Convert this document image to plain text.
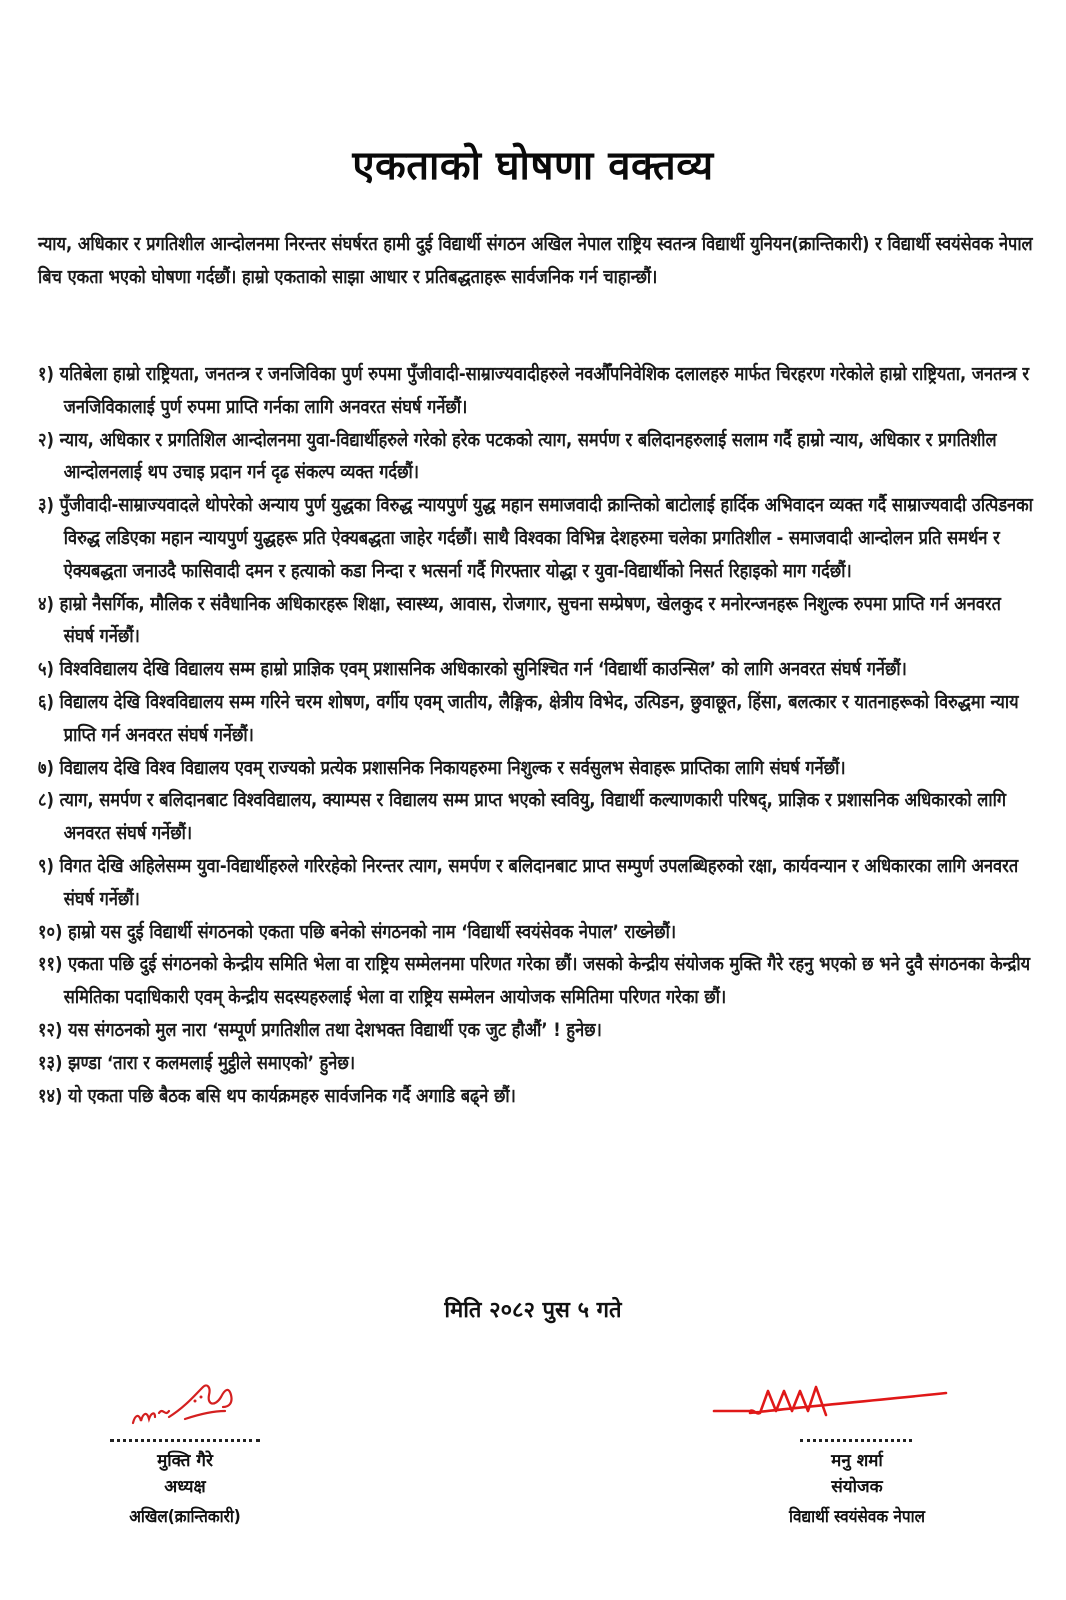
एकताको घोषणा वक्तव्य
न्याय, अधिकार र प्रगतिशील आन्दोलनमा निरन्तर संघर्षरत हामी दुई विद्यार्थी संगठन अखिल नेपाल राष्ट्रिय स्वतन्त्र विद्यार्थी युनियन(क्रान्तिकारी) र विद्यार्थी स्वयंसेवक नेपाल बिच एकता भएको घोषणा गर्दछौं। हाम्रो एकताको साझा आधार र प्रतिबद्धताहरू सार्वजनिक गर्न चाहान्छौं।

१) यतिबेला हाम्रो राष्ट्रियता, जनतन्त्र र जनजिविका पुर्ण रुपमा पुँजीवादी-साम्राज्यवादीहरुले नवऔँपनिवेशिक दलालहरु मार्फत चिरहरण गरेकोले हाम्रो राष्ट्रियता, जनतन्त्र र जनजिविकालाई पुर्ण रुपमा प्राप्ति गर्नका लागि अनवरत संघर्ष गर्नेछौं।

२) न्याय, अधिकार र प्रगतिशिल आन्दोलनमा युवा-विद्यार्थीहरुले गरेको हरेक पटकको त्याग, समर्पण र बलिदानहरुलाई सलाम गर्दै हाम्रो न्याय, अधिकार र प्रगतिशील आन्दोलनलाई थप उचाइ प्रदान गर्न दृढ संकल्प व्यक्त गर्दछौं।

३) पुँजीवादी-साम्राज्यवादले थोपरेको अन्याय पुर्ण युद्धका विरुद्ध न्यायपुर्ण युद्ध महान समाजवादी क्रान्तिको बाटोलाई हार्दिक अभिवादन व्यक्त गर्दै साम्राज्यवादी उत्पिडनका विरुद्ध लडिएका महान न्यायपुर्ण युद्धहरू प्रति ऐक्यबद्धता जाहेर गर्दछौं। साथै विश्वका विभिन्न देशहरुमा चलेका प्रगतिशील - समाजवादी आन्दोलन प्रति समर्थन र ऐक्यबद्धता जनाउदै फासिवादी दमन र हत्याको कडा निन्दा र भत्सर्ना गर्दै गिरफ्तार योद्धा र युवा-विद्यार्थीको निसर्त रिहाइको माग गर्दछौं।

४) हाम्रो नैसर्गिक, मौलिक र संवैधानिक अधिकारहरू शिक्षा, स्वास्थ्य, आवास, रोजगार, सुचना सम्प्रेषण, खेलकुद र मनोरन्जनहरू निशुल्क रुपमा प्राप्ति गर्न अनवरत संघर्ष गर्नेछौं।

५) विश्वविद्यालय देखि विद्यालय सम्म हाम्रो प्राज्ञिक एवम् प्रशासनिक अधिकारको सुनिश्चित गर्न ‘विद्यार्थी काउन्सिल’ को लागि अनवरत संघर्ष गर्नेछौं।

६) विद्यालय देखि विश्वविद्यालय सम्म गरिने चरम शोषण, वर्गीय एवम् जातीय, लैङ्गिक, क्षेत्रीय विभेद, उत्पिडन, छुवाछूत, हिंसा, बलत्कार र यातनाहरूको विरुद्धमा न्याय प्राप्ति गर्न अनवरत संघर्ष गर्नेछौं।

७) विद्यालय देखि विश्व विद्यालय एवम् राज्यको प्रत्येक प्रशासनिक निकायहरुमा निशुल्क र सर्वसुलभ सेवाहरू प्राप्तिका लागि संघर्ष गर्नेछौं।

८) त्याग, समर्पण र बलिदानबाट विश्वविद्यालय, क्याम्पस र विद्यालय सम्म प्राप्त भएको स्ववियु, विद्यार्थी कल्याणकारी परिषद्, प्राज्ञिक र प्रशासनिक अधिकारको लागि अनवरत संघर्ष गर्नेछौं।

९) विगत देखि अहिलेसम्म युवा-विद्यार्थीहरुले गरिरहेको निरन्तर त्याग, समर्पण र बलिदानबाट प्राप्त सम्पुर्ण उपलब्धिहरुको रक्षा, कार्यवन्यान र अधिकारका लागि अनवरत संघर्ष गर्नेछौं।

१०) हाम्रो यस दुई विद्यार्थी संगठनको एकता पछि बनेको संगठनको नाम ‘विद्यार्थी स्वयंसेवक नेपाल’ राख्नेछौं।

११) एकता पछि दुई संगठनको केन्द्रीय समिति भेला वा राष्ट्रिय सम्मेलनमा परिणत गरेका छौं। जसको केन्द्रीय संयोजक मुक्ति गैरे रहनु भएको छ भने दुवै संगठनका केन्द्रीय समितिका पदाधिकारी एवम् केन्द्रीय सदस्यहरुलाई भेला वा राष्ट्रिय सम्मेलन आयोजक समितिमा परिणत गरेका छौं।

१२) यस संगठनको मुल नारा ‘सम्पूर्ण प्रगतिशील तथा देशभक्त विद्यार्थी एक जुट हौऔं’ ! हुनेछ।

१३) झण्डा ‘तारा र कलमलाई मुट्ठीले समाएको’ हुनेछ।

१४) यो एकता पछि बैठक बसि थप कार्यक्रमहरु सार्वजनिक गर्दै अगाडि बढ्ने छौं।

मिति २०८२ पुस ५ गते
मुक्ति गैरे
अध्यक्ष
अखिल(क्रान्तिकारी)
मनु शर्मा
संयोजक
विद्यार्थी स्वयंसेवक नेपाल
